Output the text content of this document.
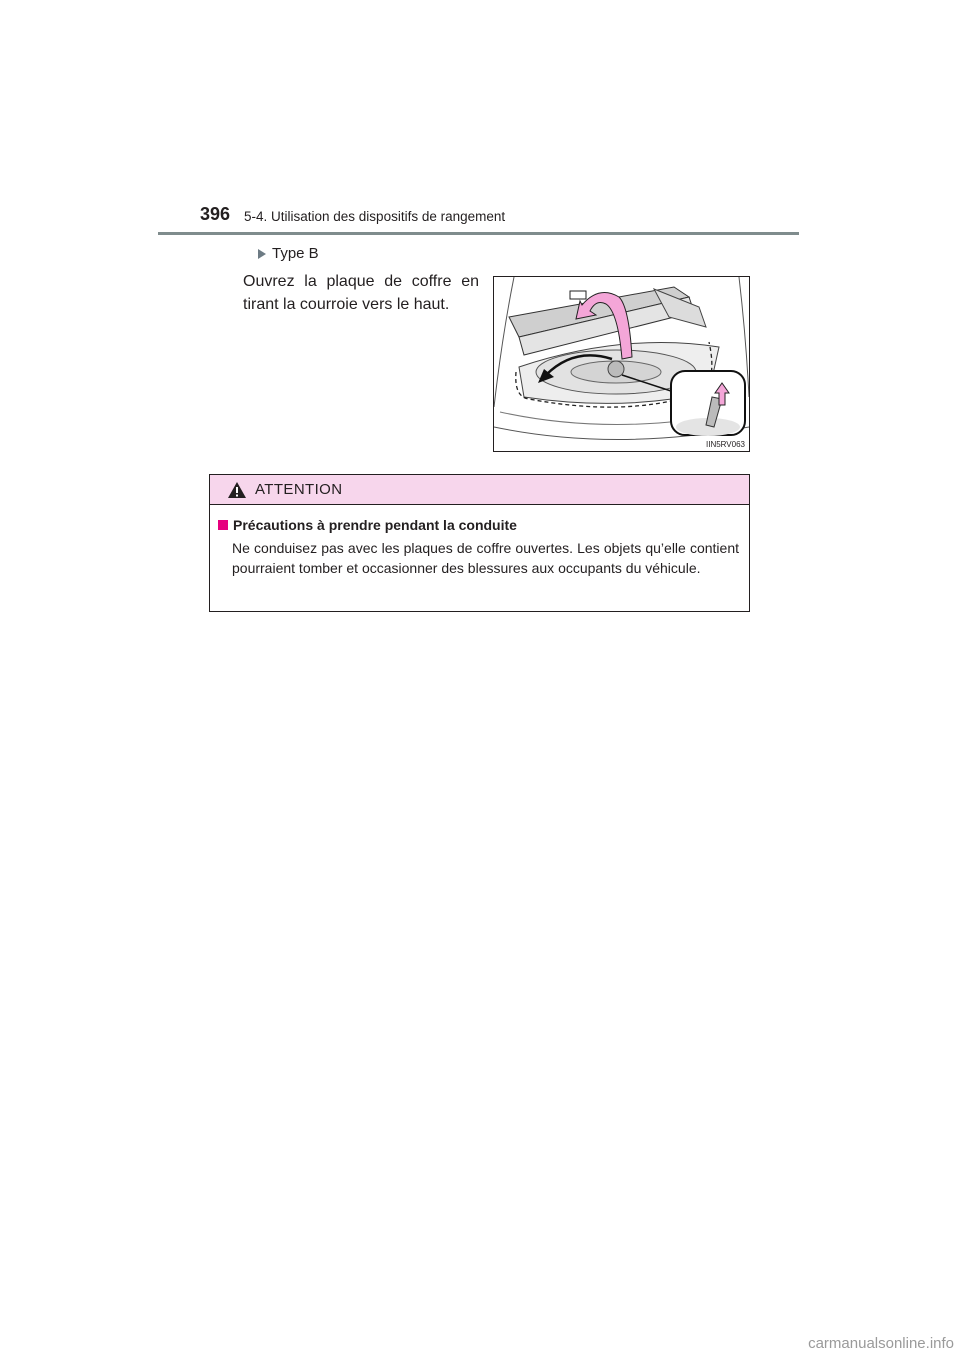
396 5-4. Utilisation des dispositifs de rangement
Type B
Ouvrez la plaque de coffre en tirant la courroie vers le haut.
IIN5RV063
ATTENTION
Précautions à prendre pendant la conduite
Ne conduisez pas avec les plaques de coffre ouvertes. Les objets qu’elle contient pourraient tomber et occasionner des blessures aux occupants du véhicule.
carmanualsonline.info
